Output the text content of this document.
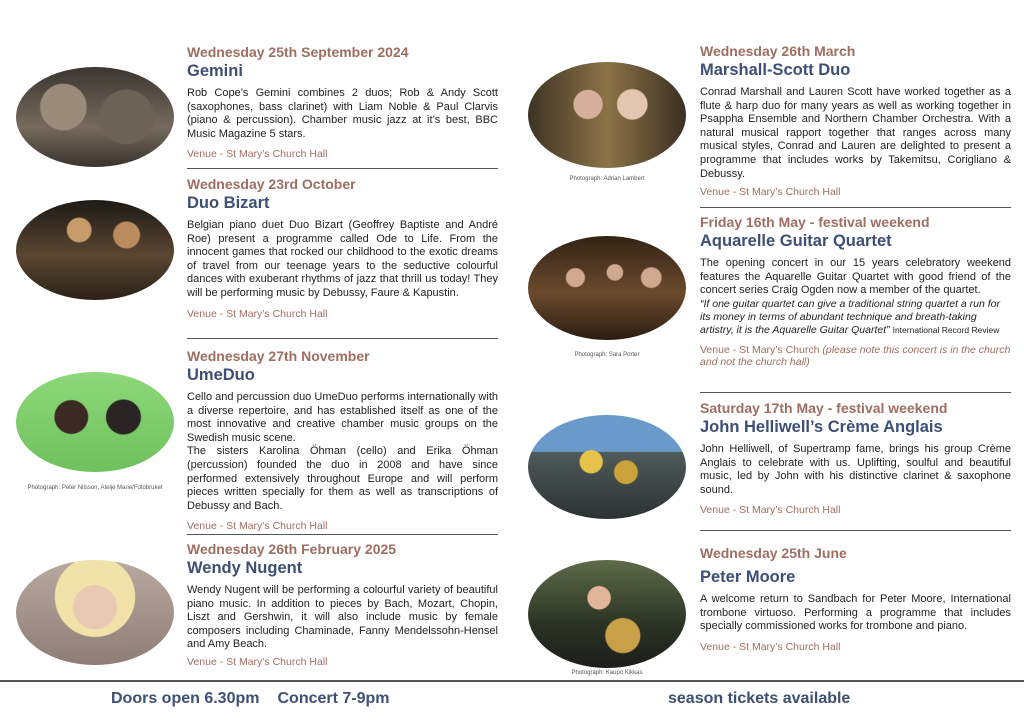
Wednesday 25th September 2024

Gemini

Rob Cope’s Gemini combines 2 duos; Rob & Andy Scott (saxophones, bass clarinet) with Liam Noble & Paul Clarvis (piano & percussion). Chamber music jazz at it’s best, BBC Music Magazine 5 stars.

Venue - St Mary’s Church Hall

Wednesday 23rd October

Duo Bizart

Belgian piano duet Duo Bizart (Geoffrey Baptiste and André Roe) present a programme called Ode to Life. From the innocent games that rocked our childhood to the exotic dreams of travel from our teenage years to the seductive colourful dances with exuberant rhythms of jazz that thrill us today! They will be performing music by Debussy, Faure & Kapustin.

Venue - St Mary’s Church Hall

Photograph: Peter Nilsson, Ateljé Marie/Fotobruket

Wednesday 27th November

UmeDuo

Cello and percussion duo UmeDuo performs internationally with a diverse repertoire, and has established itself as one of the most innovative and creative chamber music groups on the Swedish music scene.

The sisters Karolina Öhman (cello) and Erika Öhman (percussion) founded the duo in 2008 and have since performed extensively throughout Europe and will perform pieces written specially for them as well as transcriptions of Debussy and Bach.

Venue - St Mary’s Church Hall

Wednesday 26th February 2025

Wendy Nugent

Wendy Nugent will be performing a colourful variety of beautiful piano music. In addition to pieces by Bach, Mozart, Chopin, Liszt and Gershwin, it will also include music by female composers including Chaminade, Fanny Mendelssohn-Hensel and Amy Beach.

Venue - St Mary’s Church Hall

Photograph: Adrian Lambert

Wednesday 26th March

Marshall-Scott Duo

Conrad Marshall and Lauren Scott have worked together as a flute & harp duo for many years as well as working together in Psappha Ensemble and Northern Chamber Orchestra. With a natural musical rapport together that ranges across many musical styles, Conrad and Lauren are delighted to present a programme that includes works by Takemitsu, Corigliano & Debussy.

Venue - St Mary’s Church Hall

Photograph: Sara Porter

Friday 16th May - festival weekend

Aquarelle Guitar Quartet

The opening concert in our 15 years celebratory weekend features the Aquarelle Guitar Quartet with good friend of the concert series Craig Ogden now a member of the quartet.

“If one guitar quartet can give a traditional string quartet a run for its money in terms of abundant technique and breath-taking artistry, it is the Aquarelle Guitar Quartet” International Record Review

Venue - St Mary’s Church (please note this concert is in the church and not the church hall)

Saturday 17th May - festival weekend

John Helliwell’s Crème Anglais

John Helliwell, of Supertramp fame, brings his group Crème Anglais to celebrate with us. Uplifting, soulful and beautiful music, led by John with his distinctive clarinet & saxophone sound.

Venue - St Mary’s Church Hall

Photograph: Kaupo Kikkas

Wednesday 25th June

Peter Moore

A welcome return to Sandbach for Peter Moore, International trombone virtuoso. Performing a programme that includes specially commissioned works for trombone and piano.

Venue - St Mary’s Church Hall

Doors open 6.30pm Concert 7-9pm	season tickets available
